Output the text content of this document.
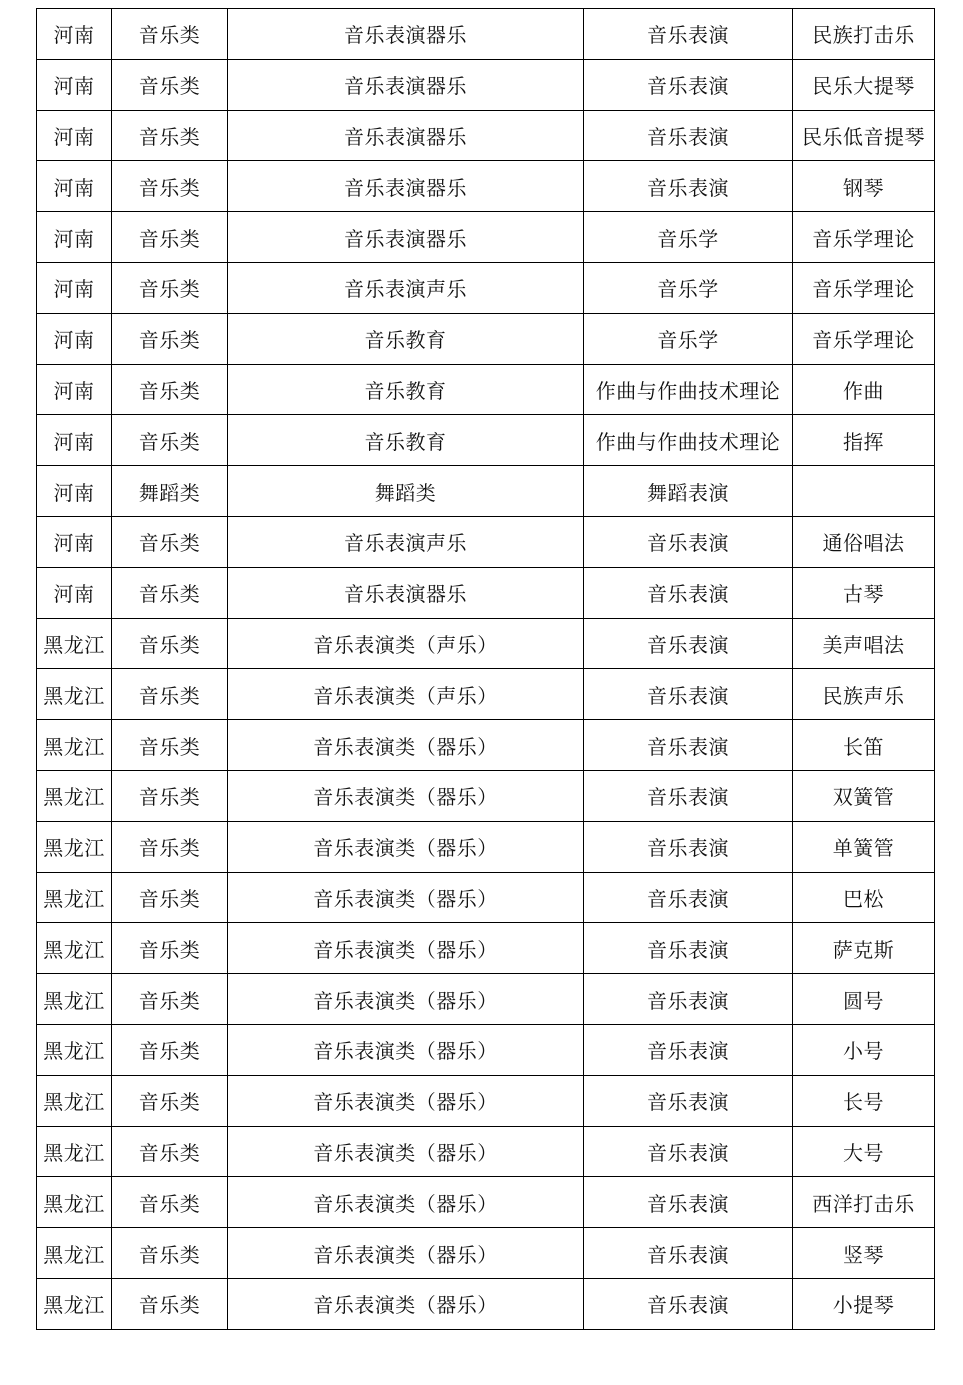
河南	音乐类	音乐表演器乐	音乐表演	民族打击乐
河南	音乐类	音乐表演器乐	音乐表演	民乐大提琴
河南	音乐类	音乐表演器乐	音乐表演	民乐低音提琴
河南	音乐类	音乐表演器乐	音乐表演	钢琴
河南	音乐类	音乐表演器乐	音乐学	音乐学理论
河南	音乐类	音乐表演声乐	音乐学	音乐学理论
河南	音乐类	音乐教育	音乐学	音乐学理论
河南	音乐类	音乐教育	作曲与作曲技术理论	作曲
河南	音乐类	音乐教育	作曲与作曲技术理论	指挥
河南	舞蹈类	舞蹈类	舞蹈表演	
河南	音乐类	音乐表演声乐	音乐表演	通俗唱法
河南	音乐类	音乐表演器乐	音乐表演	古琴
黑龙江	音乐类	音乐表演类（声乐）	音乐表演	美声唱法
黑龙江	音乐类	音乐表演类（声乐）	音乐表演	民族声乐
黑龙江	音乐类	音乐表演类（器乐）	音乐表演	长笛
黑龙江	音乐类	音乐表演类（器乐）	音乐表演	双簧管
黑龙江	音乐类	音乐表演类（器乐）	音乐表演	单簧管
黑龙江	音乐类	音乐表演类（器乐）	音乐表演	巴松
黑龙江	音乐类	音乐表演类（器乐）	音乐表演	萨克斯
黑龙江	音乐类	音乐表演类（器乐）	音乐表演	圆号
黑龙江	音乐类	音乐表演类（器乐）	音乐表演	小号
黑龙江	音乐类	音乐表演类（器乐）	音乐表演	长号
黑龙江	音乐类	音乐表演类（器乐）	音乐表演	大号
黑龙江	音乐类	音乐表演类（器乐）	音乐表演	西洋打击乐
黑龙江	音乐类	音乐表演类（器乐）	音乐表演	竖琴
黑龙江	音乐类	音乐表演类（器乐）	音乐表演	小提琴
